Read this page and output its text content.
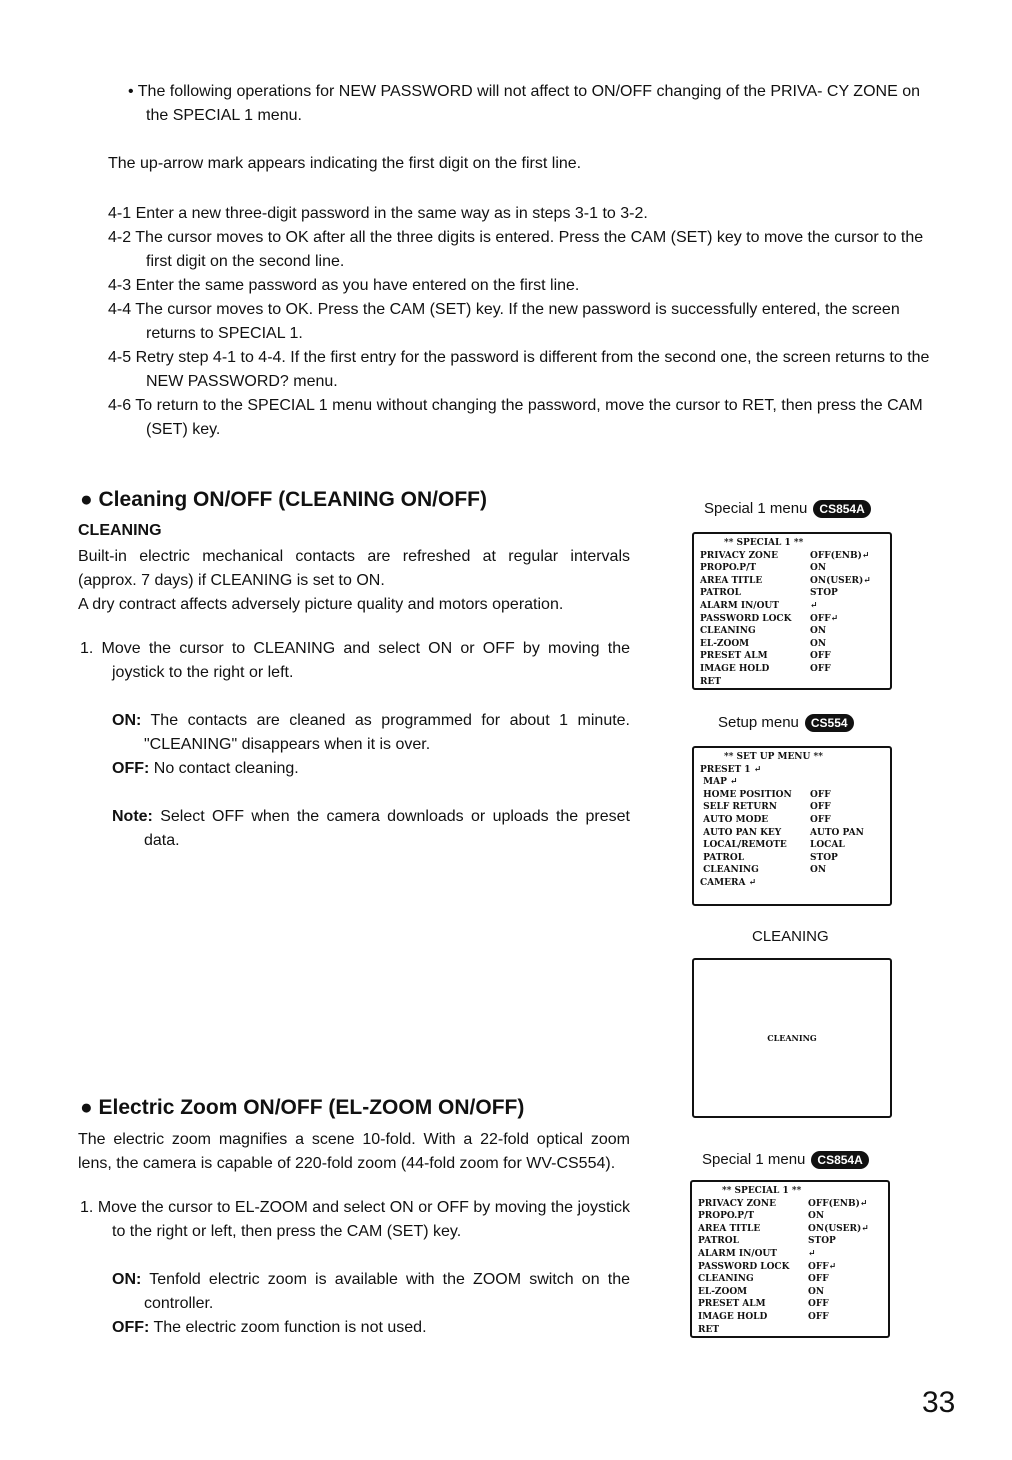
• The following operations for NEW PASSWORD will not affect to ON/OFF changing of the PRIVA- CY ZONE on the SPECIAL 1 menu.

The up-arrow mark appears indicating the first digit on the first line.

4-1 Enter a new three-digit password in the same way as in steps 3-1 to 3-2.

4-2 The cursor moves to OK after all the three digits is entered. Press the CAM (SET) key to move the cursor to the first digit on the second line.

4-3 Enter the same password as you have entered on the first line.

4-4 The cursor moves to OK. Press the CAM (SET) key. If the new password is successfully entered, the screen returns to SPECIAL 1.

4-5 Retry step 4-1 to 4-4. If the first entry for the password is different from the second one, the screen returns to the NEW PASSWORD? menu.

4-6 To return to the SPECIAL 1 menu without changing the password, move the cursor to RET, then press the CAM (SET) key.

● Cleaning ON/OFF (CLEANING ON/OFF)
CLEANING

Built-in electric mechanical contacts are refreshed at regular intervals (approx. 7 days) if CLEANING is set to ON.

A dry contract affects adversely picture quality and motors operation.

1. Move the cursor to CLEANING and select ON or OFF by moving the joystick to the right or left.

ON: The contacts are cleaned as programmed for about 1 minute. "CLEANING" disappears when it is over.

OFF: No contact cleaning.

Note: Select OFF when the camera downloads or uploads the preset data.

● Electric Zoom ON/OFF (EL-ZOOM ON/OFF)

The electric zoom magnifies a scene 10-fold. With a 22-fold optical zoom lens, the camera is capable of 220-fold zoom (44-fold zoom for WV-CS554).

1. Move the cursor to EL-ZOOM and select ON or OFF by moving the joystick to the right or left, then press the CAM (SET) key.

ON: Tenfold electric zoom is available with the ZOOM switch on the controller.

OFF: The electric zoom function is not used.

Special 1 menu CS854A
** SPECIAL 1 **
PRIVACY ZONE	OFF(ENB)↵
PROPO.P/T	ON
AREA TITLE	ON(USER)↵
PATROL	STOP
ALARM IN/OUT	↵
PASSWORD LOCK	OFF↵
CLEANING	ON
EL-ZOOM	ON
PRESET ALM	OFF
IMAGE HOLD	OFF
RET
Setup menu CS554
** SET UP MENU **
PRESET 1 ↵
MAP ↵
HOME POSITION	OFF
SELF RETURN	OFF
AUTO MODE	OFF
AUTO PAN KEY	AUTO PAN
LOCAL/REMOTE	LOCAL
PATROL	STOP
CLEANING	ON
CAMERA ↵
CLEANING
CLEANING
Special 1 menu CS854A
** SPECIAL 1 **
PRIVACY ZONE	OFF(ENB)↵
PROPO.P/T	ON
AREA TITLE	ON(USER)↵
PATROL	STOP
ALARM IN/OUT	↵
PASSWORD LOCK	OFF↵
CLEANING	OFF
EL-ZOOM	ON
PRESET ALM	OFF
IMAGE HOLD	OFF
RET
33
